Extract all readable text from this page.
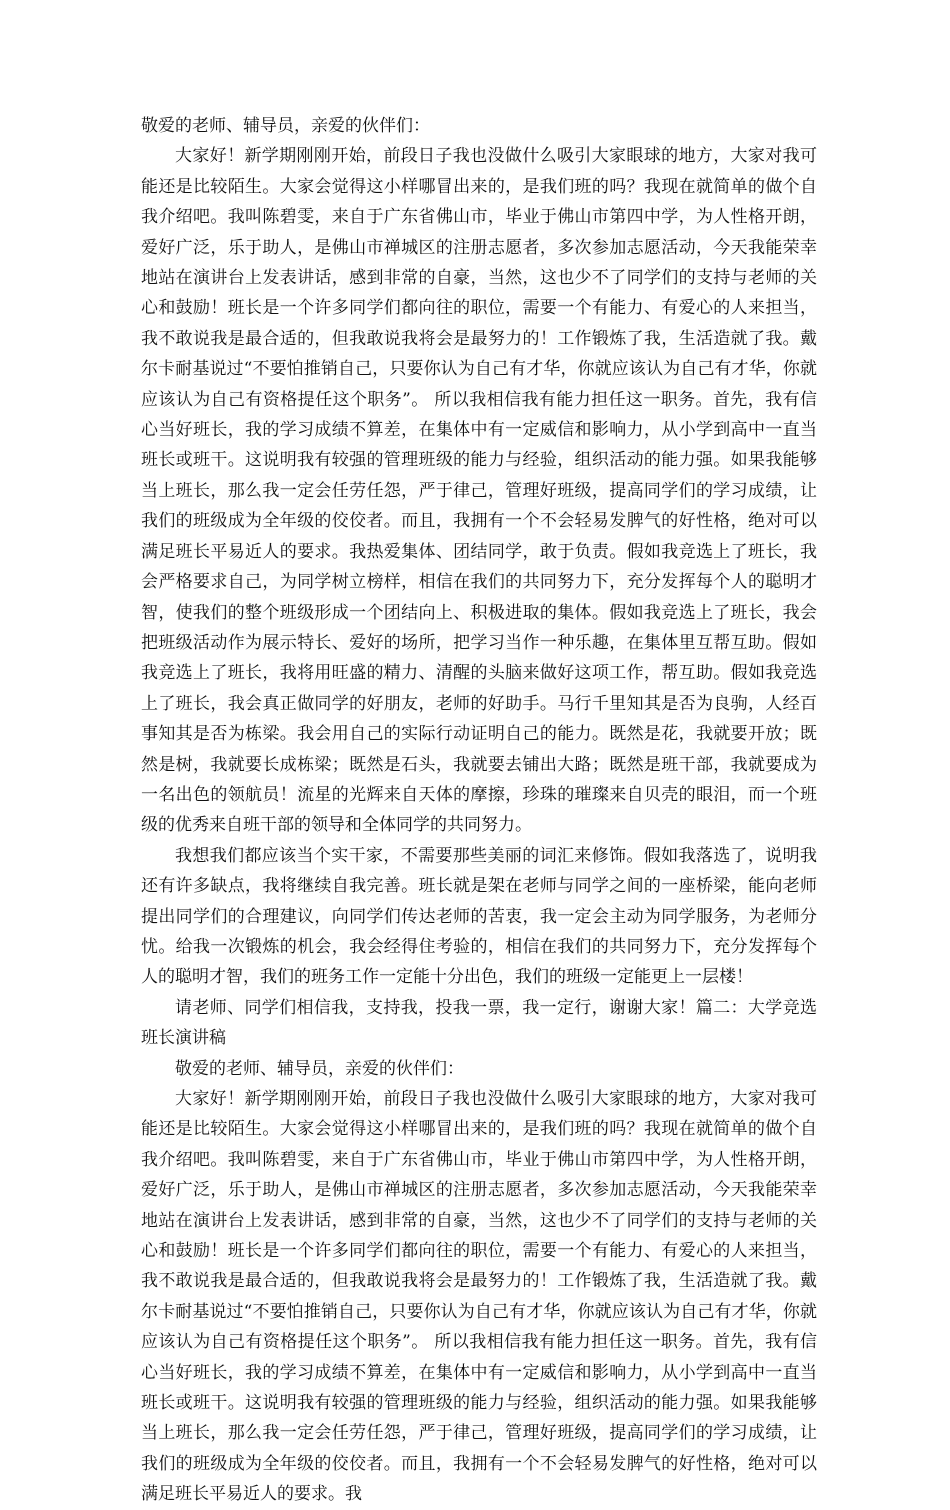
敬爱的老师、辅导员，亲爱的伙伴们：

大家好！新学期刚刚开始，前段日子我也没做什么吸引大家眼球的地方，大家对我可能还是比较陌生。大家会觉得这小样哪冒出来的，是我们班的吗？我现在就简单的做个自我介绍吧。我叫陈碧雯，来自于广东省佛山市，毕业于佛山市第四中学，为人性格开朗，爱好广泛，乐于助人，是佛山市禅城区的注册志愿者，多次参加志愿活动，今天我能荣幸地站在演讲台上发表讲话，感到非常的自豪，当然，这也少不了同学们的支持与老师的关心和鼓励！班长是一个许多同学们都向往的职位，需要一个有能力、有爱心的人来担当，我不敢说我是最合适的，但我敢说我将会是最努力的！工作锻炼了我，生活造就了我。戴尔卡耐基说过“不要怕推销自己，只要你认为自己有才华，你就应该认为自己有才华，你就应该认为自己有资格提任这个职务”。 所以我相信我有能力担任这一职务。首先，我有信心当好班长，我的学习成绩不算差，在集体中有一定威信和影响力，从小学到高中一直当班长或班干。这说明我有较强的管理班级的能力与经验，组织活动的能力强。如果我能够当上班长，那么我一定会任劳任怨，严于律己，管理好班级，提高同学们的学习成绩，让我们的班级成为全年级的佼佼者。而且，我拥有一个不会轻易发脾气的好性格，绝对可以满足班长平易近人的要求。我热爱集体、团结同学，敢于负责。假如我竞选上了班长，我会严格要求自己，为同学树立榜样，相信在我们的共同努力下，充分发挥每个人的聪明才智，使我们的整个班级形成一个团结向上、积极进取的集体。假如我竞选上了班长，我会把班级活动作为展示特长、爱好的场所，把学习当作一种乐趣，在集体里互帮互助。假如我竞选上了班长，我将用旺盛的精力、清醒的头脑来做好这项工作，帮互助。假如我竞选上了班长，我会真正做同学的好朋友，老师的好助手。马行千里知其是否为良驹，人经百事知其是否为栋梁。我会用自己的实际行动证明自己的能力。既然是花，我就要开放；既然是树，我就要长成栋梁；既然是石头，我就要去铺出大路；既然是班干部，我就要成为一名出色的领航员！流星的光辉来自天体的摩擦，珍珠的璀璨来自贝壳的眼泪，而一个班级的优秀来自班干部的领导和全体同学的共同努力。

我想我们都应该当个实干家，不需要那些美丽的词汇来修饰。假如我落选了，说明我还有许多缺点，我将继续自我完善。班长就是架在老师与同学之间的一座桥梁，能向老师提出同学们的合理建议，向同学们传达老师的苦衷，我一定会主动为同学服务，为老师分忧。给我一次锻炼的机会，我会经得住考验的，相信在我们的共同努力下，充分发挥每个人的聪明才智，我们的班务工作一定能十分出色，我们的班级一定能更上一层楼！

请老师、同学们相信我，支持我，投我一票，我一定行，谢谢大家！篇二：大学竞选班长演讲稿

敬爱的老师、辅导员，亲爱的伙伴们：

大家好！新学期刚刚开始，前段日子我也没做什么吸引大家眼球的地方，大家对我可能还是比较陌生。大家会觉得这小样哪冒出来的，是我们班的吗？我现在就简单的做个自我介绍吧。我叫陈碧雯，来自于广东省佛山市，毕业于佛山市第四中学，为人性格开朗，爱好广泛，乐于助人，是佛山市禅城区的注册志愿者，多次参加志愿活动，今天我能荣幸地站在演讲台上发表讲话，感到非常的自豪，当然，这也少不了同学们的支持与老师的关心和鼓励！班长是一个许多同学们都向往的职位，需要一个有能力、有爱心的人来担当，我不敢说我是最合适的，但我敢说我将会是最努力的！工作锻炼了我，生活造就了我。戴尔卡耐基说过“不要怕推销自己，只要你认为自己有才华，你就应该认为自己有才华，你就应该认为自己有资格提任这个职务”。 所以我相信我有能力担任这一职务。首先，我有信心当好班长，我的学习成绩不算差，在集体中有一定威信和影响力，从小学到高中一直当班长或班干。这说明我有较强的管理班级的能力与经验，组织活动的能力强。如果我能够当上班长，那么我一定会任劳任怨，严于律己，管理好班级，提高同学们的学习成绩，让我们的班级成为全年级的佼佼者。而且，我拥有一个不会轻易发脾气的好性格，绝对可以满足班长平易近人的要求。我
